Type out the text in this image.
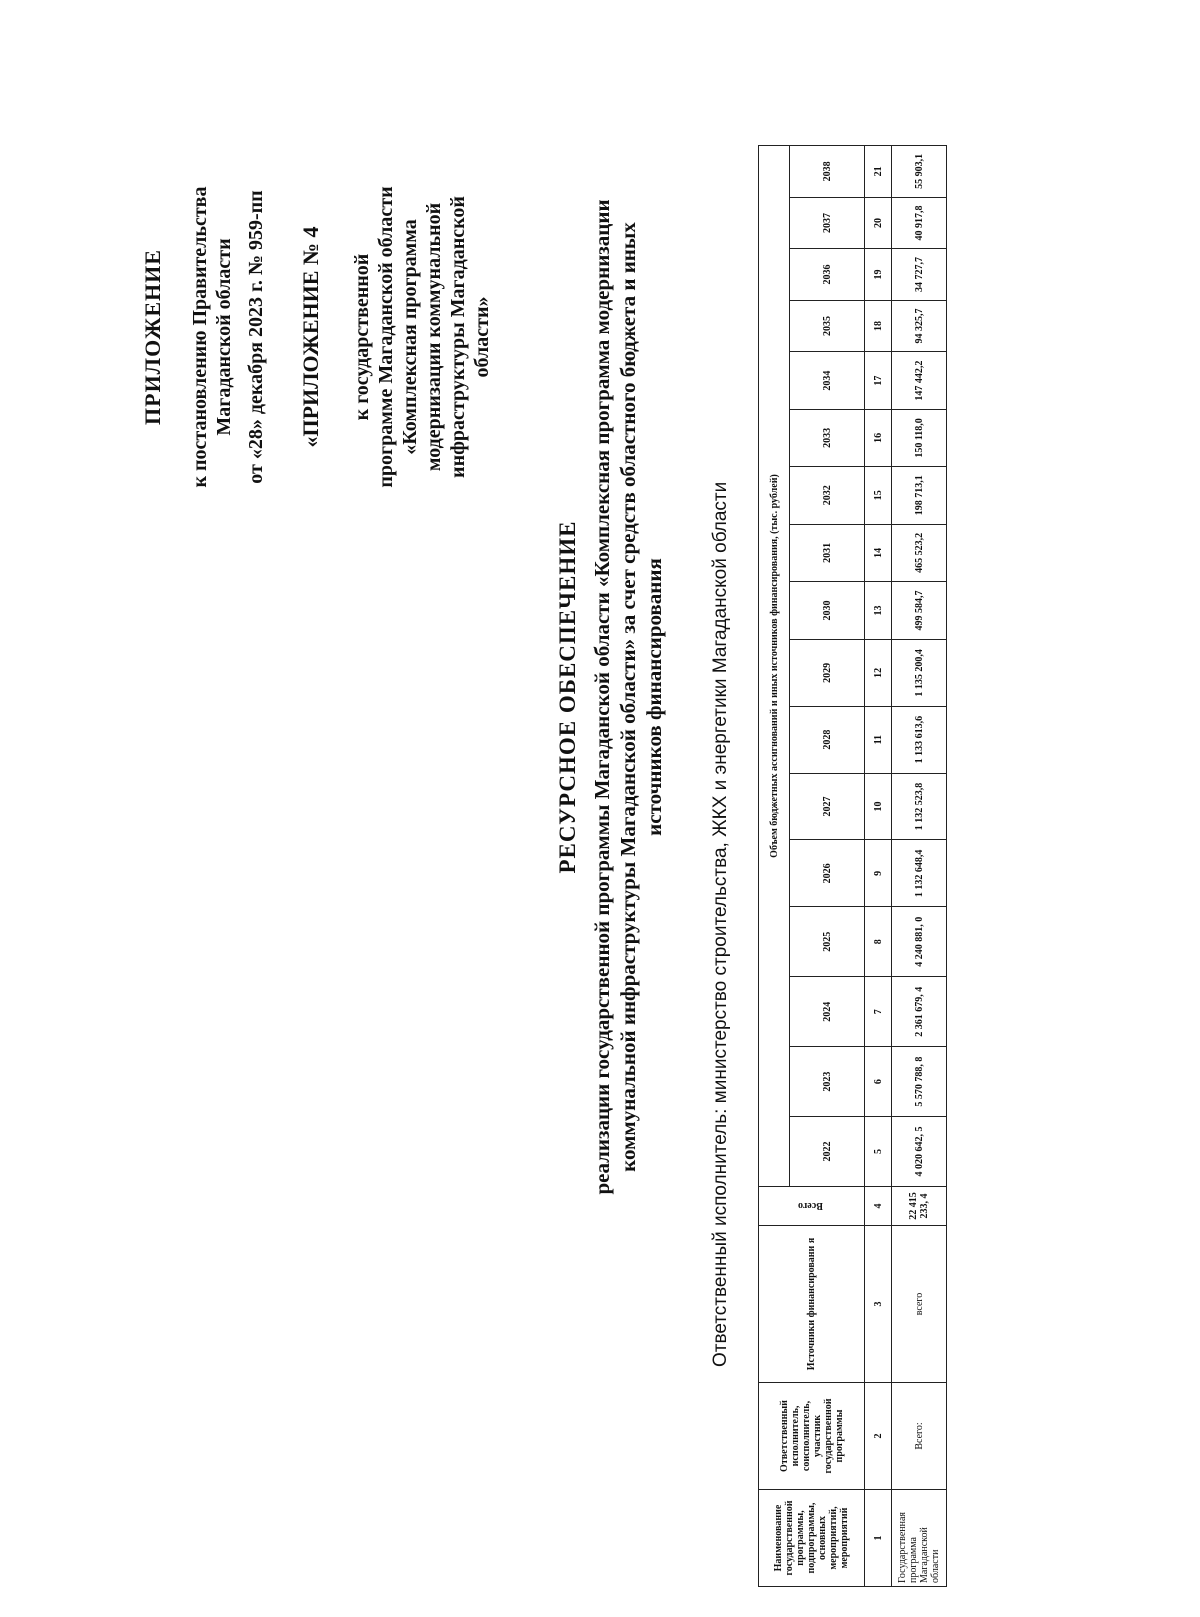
ПРИЛОЖЕНИЕ к постановлению Правительства Магаданской области от «28» декабря 2023 г. № 959-пп «ПРИЛОЖЕНИЕ № 4 к государственной программе Магаданской области «Комплексная программа модернизации коммунальной инфраструктуры Магаданской области»
РЕСУРСНОЕ ОБЕСПЕЧЕНИЕ реализации государственной программы Магаданской области «Комплексная программа модернизации коммунальной инфраструктуры Магаданской области» за счет средств областного бюджета и иных источников финансирования Ответственный исполнитель: министерство строительства, ЖКХ и энергетики Магаданской области
Наименование государственной программы, подпрограммы, основных мероприятий, мероприятий	Ответственный исполнитель, соисполнитель, участник государственной программы	Источники финансировани я	Всего	Объем бюджетных ассигнований и иных источников финансирования, (тыс. рублей)																
				2022	2023	2024	2025	2026	2027	2028	2029	2030	2031	2032	2033	2034	2035	2036	2037	2038
1	2	3	4	5	6	7	8	9	10	11	12	13	14	15	16	17	18	19	20	21
Государственная программа Магаданской области	Всего:	всего	22 415 233, 4	4 020 642, 5	5 570 788, 8	2 361 679, 4	4 240 881, 0	1 132 648,4	1 132 523,8	1 133 613,6	1 135 200,4	499 584,7	465 523,2	198 713,1	150 118,0	147 442,2	94 325,7	34 727,7	40 917,8	55 903,1
